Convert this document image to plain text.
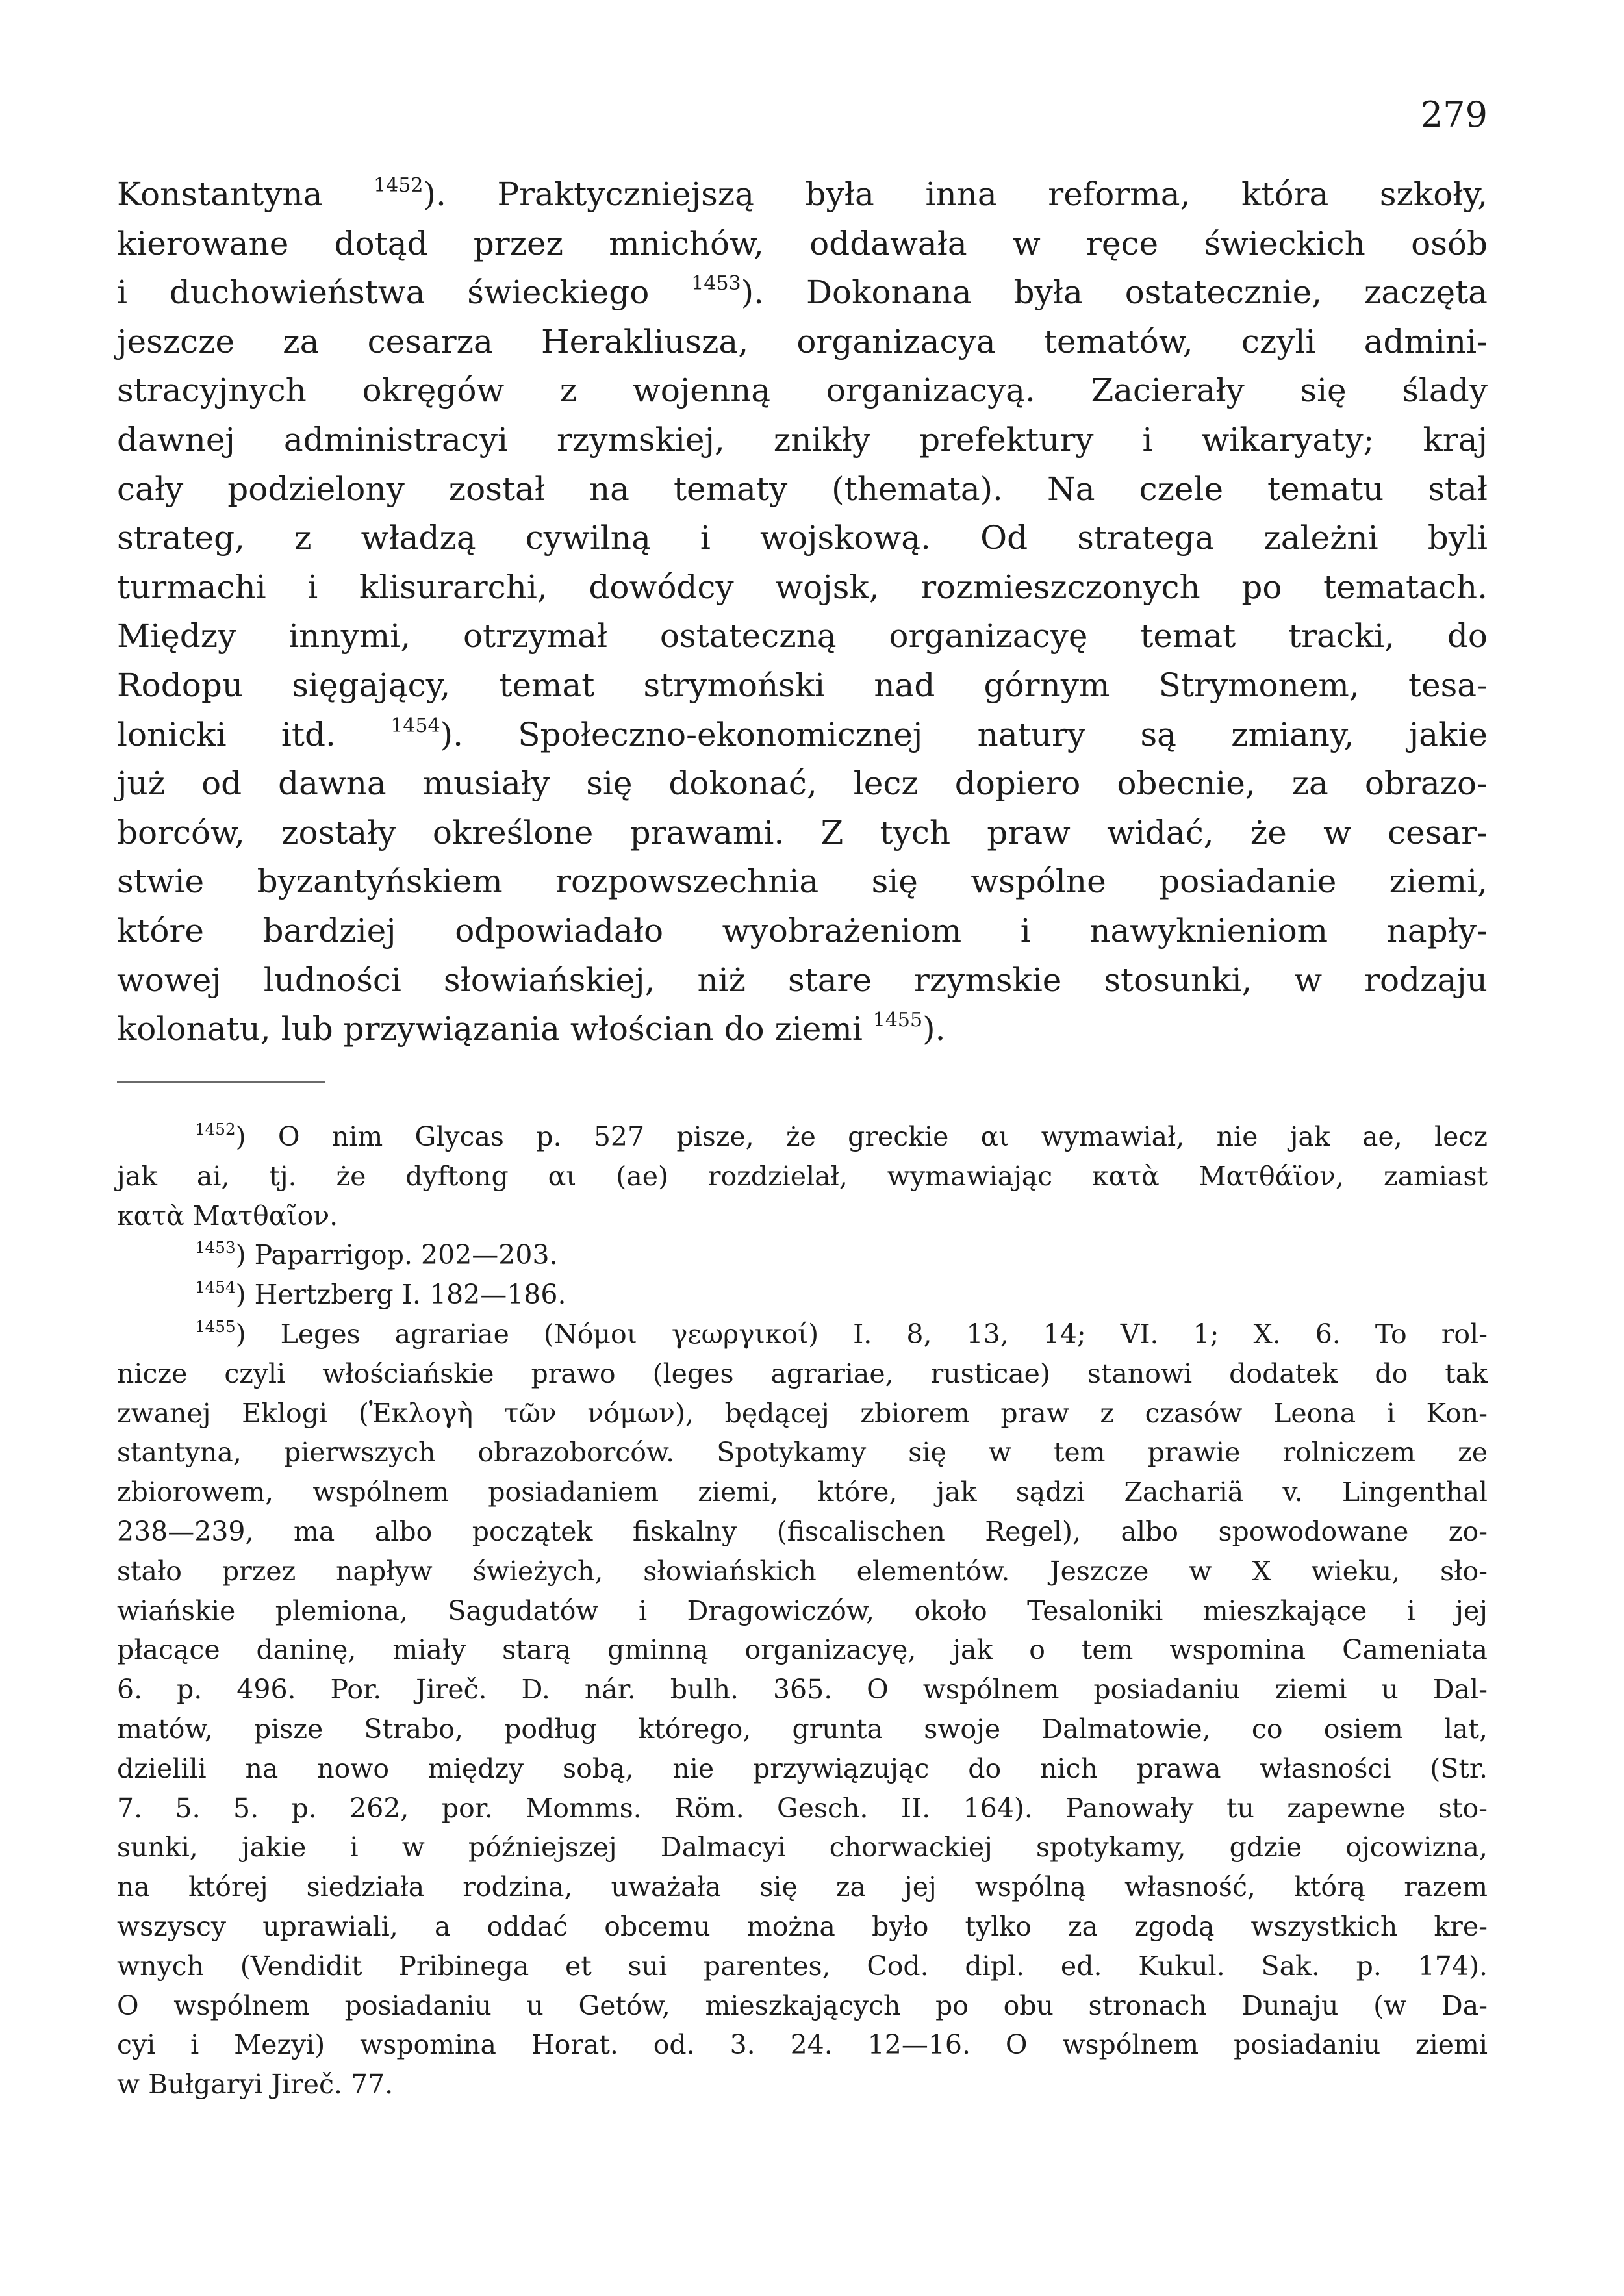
279
Konstantyna $^{1452}$). Praktyczniejszą była inna reforma, która szkoły,
kierowane dotąd przez mnichów, oddawała w ręce świeckich osób
i duchowieństwa świeckiego $^{1453}$). Dokonana była ostatecznie, zaczęta
jeszcze za cesarza Herakliusza, organizacya tematów, czyli admini-
stracyjnych okręgów z wojenną organizacyą. Zacierały się ślady
dawnej administracyi rzymskiej, znikły prefektury i wikaryaty; kraj
cały podzielony został na tematy (themata). Na czele tematu stał
strateg, z władzą cywilną i wojskową. Od stratega zależni byli
turmachi i klisurarchi, dowódcy wojsk, rozmieszczonych po tematach.
Między innymi, otrzymał ostateczną organizacyę temat tracki, do
Rodopu sięgający, temat strymoński nad górnym Strymonem, tesa-
lonicki itd. $^{1454}$). Społeczno-ekonomicznej natury są zmiany, jakie
już od dawna musiały się dokonać, lecz dopiero obecnie, za obrazo-
borców, zostały określone prawami. Z tych praw widać, że w cesar-
stwie byzantyńskiem rozpowszechnia się wspólne posiadanie ziemi,
które bardziej odpowiadało wyobrażeniom i nawyknieniom napły-
wowej ludności słowiańskiej, niż stare rzymskie stosunki, w rodzaju
kolonatu, lub przywiązania włościan do ziemi $^{1455}$).
$^{1452}$) O nim Glycas p. 527 pisze, że greckie αι wymawiał, nie jak ae, lecz
jak ai, tj. że dyftong αι (ae) rozdzielał, wymawiając κατὰ Ματθάϊον, zamiast
κατὰ Ματθαῖον.
$^{1453}$) Paparrigop. 202—203.
$^{1454}$) Hertzberg I. 182—186.
$^{1455}$) Leges agrariae (Νόμοι γεωργικοί) I. 8, 13, 14; VI. 1; X. 6. To rol-
nicze czyli włościańskie prawo (leges agrariae, rusticae) stanowi dodatek do tak
zwanej Eklogi (Ἐκλογὴ τῶν νόμων), będącej zbiorem praw z czasów Leona i Kon-
stantyna, pierwszych obrazoborców. Spotykamy się w tem prawie rolniczem ze
zbiorowem, wspólnem posiadaniem ziemi, które, jak sądzi Zachariä v. Lingenthal
238—239, ma albo początek fiskalny (fiscalischen Regel), albo spowodowane zo-
stało przez napływ świeżych, słowiańskich elementów. Jeszcze w X wieku, sło-
wiańskie plemiona, Sagudatów i Dragowiczów, około Tesaloniki mieszkające i jej
płacące daninę, miały starą gminną organizacyę, jak o tem wspomina Cameniata
6. p. 496. Por. Jireč. D. nár. bulh. 365. O wspólnem posiadaniu ziemi u Dal-
matów, pisze Strabo, podług którego, grunta swoje Dalmatowie, co osiem lat,
dzielili na nowo między sobą, nie przywiązując do nich prawa własności (Str.
7. 5. 5. p. 262, por. Momms. Röm. Gesch. II. 164). Panowały tu zapewne sto-
sunki, jakie i w późniejszej Dalmacyi chorwackiej spotykamy, gdzie ojcowizna,
na której siedziała rodzina, uważała się za jej wspólną własność, którą razem
wszyscy uprawiali, a oddać obcemu można było tylko za zgodą wszystkich kre-
wnych (Vendidit Pribinega et sui parentes, Cod. dipl. ed. Kukul. Sak. p. 174).
O wspólnem posiadaniu u Getów, mieszkających po obu stronach Dunaju (w Da-
cyi i Mezyi) wspomina Horat. od. 3. 24. 12—16. O wspólnem posiadaniu ziemi
w Bułgaryi Jireč. 77.
